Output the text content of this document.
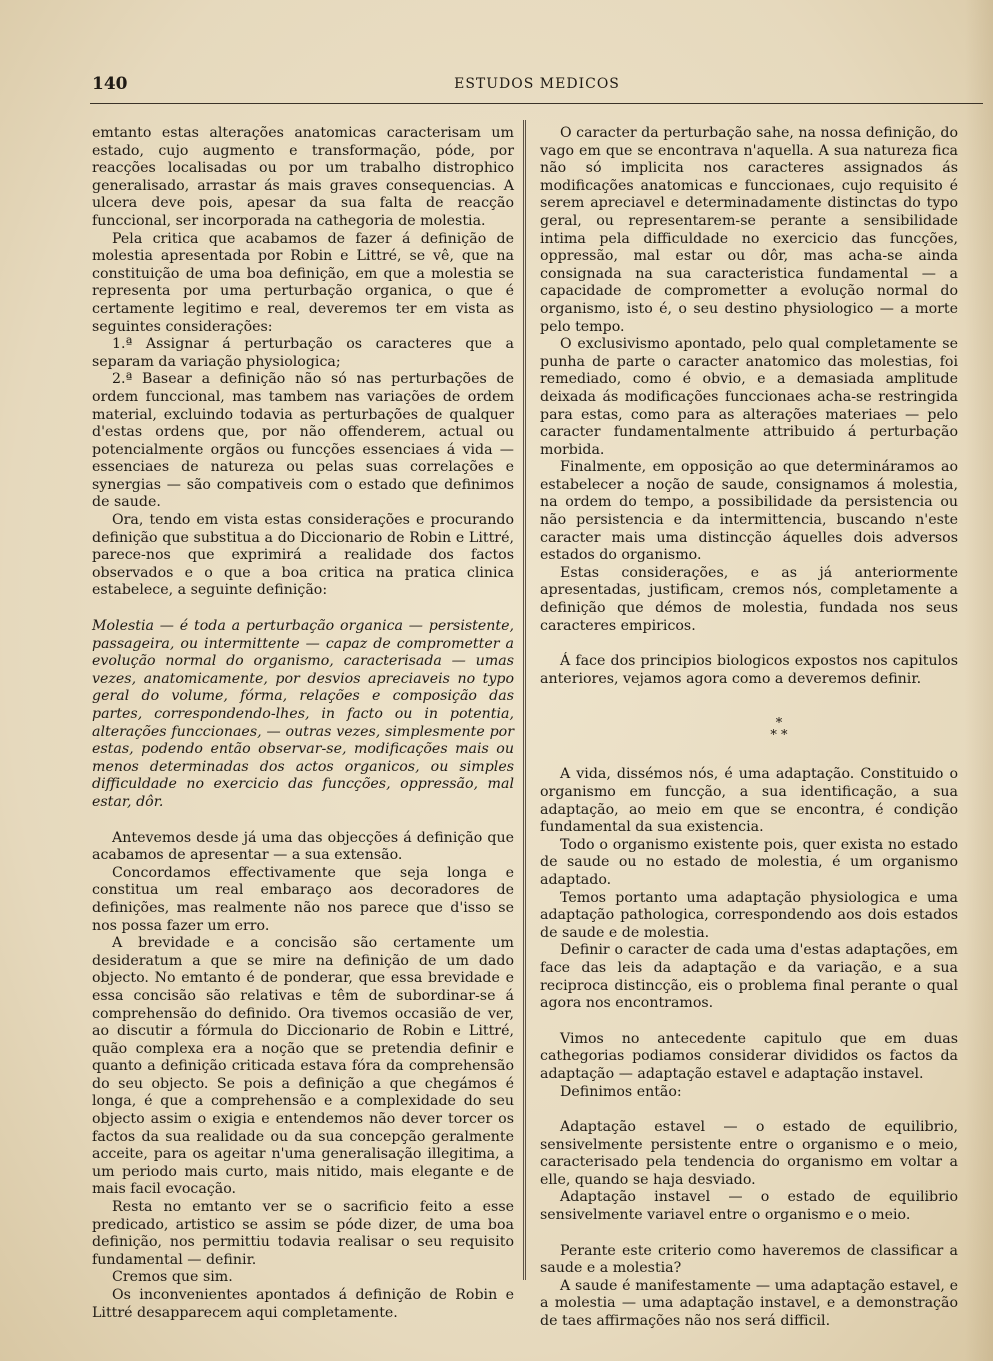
140	ESTUDOS MEDICOS

emtanto estas alterações anatomicas caracterisam um estado, cujo augmento e transformação, póde, por reacções localisadas ou por um trabalho distrophico generalisado, arrastar ás mais graves consequencias. A ulcera deve pois, apesar da sua falta de reacção funccional, ser incorporada na cathegoria de molestia.

Pela critica que acabamos de fazer á definição de molestia apresentada por Robin e Littré, se vê, que na constituição de uma boa definição, em que a molestia se representa por uma perturbação organica, o que é certamente legitimo e real, deveremos ter em vista as seguintes considerações:

1.ª Assignar á perturbação os caracteres que a separam da variação physiologica;

2.ª Basear a definição não só nas perturbações de ordem funccional, mas tambem nas variações de ordem material, excluindo todavia as perturbações de qualquer d'estas ordens que, por não offenderem, actual ou potencialmente orgãos ou funcções essenciaes á vida — essenciaes de natureza ou pelas suas correlações e synergias — são compativeis com o estado que definimos de saude.

Ora, tendo em vista estas considerações e procurando definição que substitua a do Diccionario de Robin e Littré, parece-nos que exprimirá a realidade dos factos observados e o que a boa critica na pratica clinica estabelece, a seguinte definição:

Molestia — é toda a perturbação organica — persistente, passageira, ou intermittente — capaz de comprometter a evolução normal do organismo, caracterisada — umas vezes, anatomicamente, por desvios apreciaveis no typo geral do volume, fórma, relações e composição das partes, correspondendo-lhes, in facto ou in potentia, alterações funccionaes, — outras vezes, simplesmente por estas, podendo então observar-se, modificações mais ou menos determinadas dos actos organicos, ou simples difficuldade no exercicio das funcções, oppressão, mal estar, dôr.

Antevemos desde já uma das objecções á definição que acabamos de apresentar — a sua extensão.

Concordamos effectivamente que seja longa e constitua um real embaraço aos decoradores de definições, mas realmente não nos parece que d'isso se nos possa fazer um erro.

A brevidade e a concisão são certamente um desideratum a que se mire na definição de um dado objecto. No emtanto é de ponderar, que essa brevidade e essa concisão são relativas e têm de subordinar-se á comprehensão do definido. Ora tivemos occasião de ver, ao discutir a fórmula do Diccionario de Robin e Littré, quão complexa era a noção que se pretendia definir e quanto a definição criticada estava fóra da comprehensão do seu objecto. Se pois a definição a que chegámos é longa, é que a comprehensão e a complexidade do seu objecto assim o exigia e entendemos não dever torcer os factos da sua realidade ou da sua concepção geralmente acceite, para os ageitar n'uma generalisação illegitima, a um periodo mais curto, mais nitido, mais elegante e de mais facil evocação.

Resta no emtanto ver se o sacrificio feito a esse predicado, artistico se assim se póde dizer, de uma boa definição, nos permittiu todavia realisar o seu requisito fundamental — definir.

Cremos que sim.

Os inconvenientes apontados á definição de Robin e Littré desapparecem aqui completamente.

O caracter da perturbação sahe, na nossa definição, do vago em que se encontrava n'aquella. A sua natureza fica não só implicita nos caracteres assignados ás modificações anatomicas e funccionaes, cujo requisito é serem apreciavel e determinadamente distinctas do typo geral, ou representarem-se perante a sensibilidade intima pela difficuldade no exercicio das funcções, oppressão, mal estar ou dôr, mas acha-se ainda consignada na sua caracteristica fundamental — a capacidade de comprometter a evolução normal do organismo, isto é, o seu destino physiologico — a morte pelo tempo.

O exclusivismo apontado, pelo qual completamente se punha de parte o caracter anatomico das molestias, foi remediado, como é obvio, e a demasiada amplitude deixada ás modificações funccionaes acha-se restringida para estas, como para as alterações materiaes — pelo caracter fundamentalmente attribuido á perturbação morbida.

Finalmente, em opposição ao que determináramos ao estabelecer a noção de saude, consignamos á molestia, na ordem do tempo, a possibilidade da persistencia ou não persistencia e da intermittencia, buscando n'este caracter mais uma distincção áquelles dois adversos estados do organismo.

Estas considerações, e as já anteriormente apresentadas, justificam, cremos nós, completamente a definição que démos de molestia, fundada nos seus caracteres empiricos.

Á face dos principios biologicos expostos nos capitulos anteriores, vejamos agora como a deveremos definir.

*
* *

A vida, dissémos nós, é uma adaptação. Constituido o organismo em funcção, a sua identificação, a sua adaptação, ao meio em que se encontra, é condição fundamental da sua existencia.

Todo o organismo existente pois, quer exista no estado de saude ou no estado de molestia, é um organismo adaptado.

Temos portanto uma adaptação physiologica e uma adaptação pathologica, correspondendo aos dois estados de saude e de molestia.

Definir o caracter de cada uma d'estas adaptações, em face das leis da adaptação e da variação, e a sua reciproca distincção, eis o problema final perante o qual agora nos encontramos.

Vimos no antecedente capitulo que em duas cathegorias podiamos considerar divididos os factos da adaptação — adaptação estavel e adaptação instavel.

Definimos então:

Adaptação estavel — o estado de equilibrio, sensivelmente persistente entre o organismo e o meio, caracterisado pela tendencia do organismo em voltar a elle, quando se haja desviado.

Adaptação instavel — o estado de equilibrio sensivelmente variavel entre o organismo e o meio.

Perante este criterio como haveremos de classificar a saude e a molestia?

A saude é manifestamente — uma adaptação estavel, e a molestia — uma adaptação instavel, e a demonstração de taes affirmações não nos será difficil.
